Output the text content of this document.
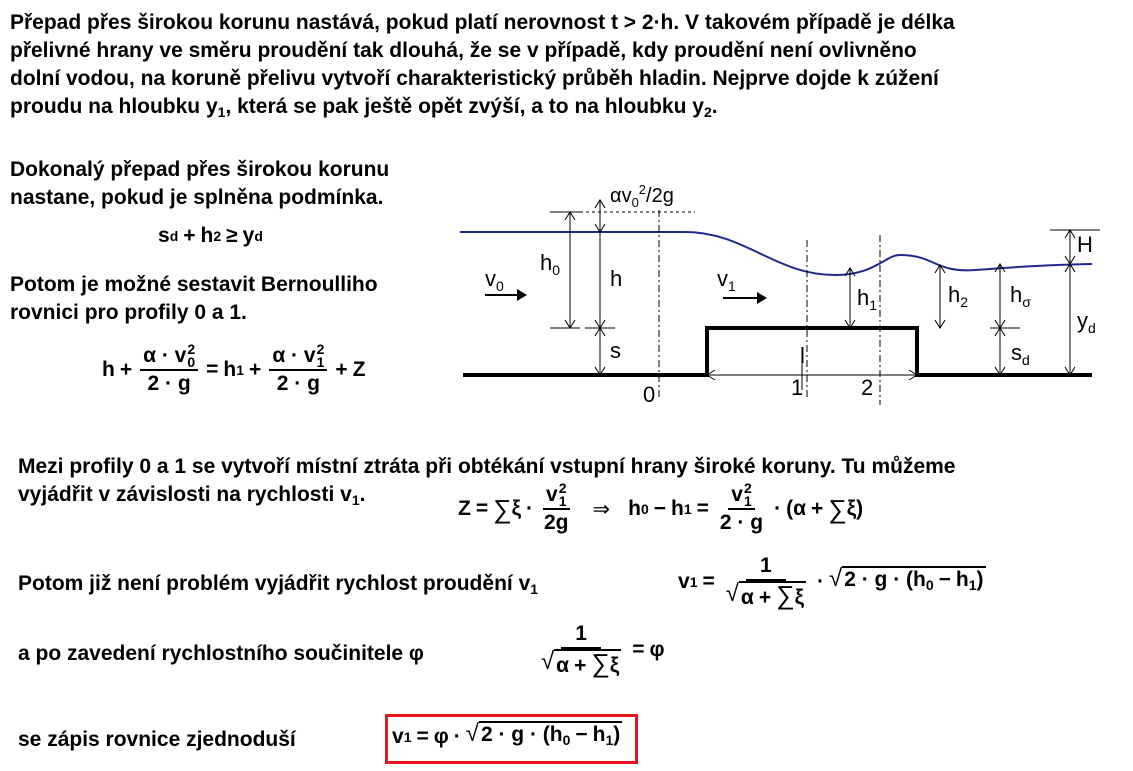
Přepad přes širokou korunu nastává, pokud platí nerovnost t > 2·h. V takovém případě je délka
přelivné hrany ve směru proudění tak dlouhá, že se v případě, kdy proudění není ovlivněno
dolní vodou, na koruně přelivu vytvoří charakteristický průběh hladin. Nejprve dojde k zúžení
proudu na hloubku $y_1$, která se pak ještě opět zvýší, a to na hloubku $y_2$.
Dokonalý přepad přes širokou korunu
nastane, pokud je splněna podmínka.
s d + h 2 ≥ y d
Potom je možné sestavit Bernoulliho
rovnici pro profily 0 a 1.
h + α · v 2
0
2 · g = h 1 + α · v 2
1
2 · g + Z
$\alpha v_0^2/2g$
$h_0$ h
s
$v_0$	$v_1$	$h_1$	$h_2$ $h_\sigma$
H
$y_d$
$s_d$
l
0	1	2
Mezi profily 0 a 1 se vytvoří místní ztráta při obtékání vstupní hrany široké koruny. Tu můžeme
vyjádřit v závislosti na rychlosti $v_1$.
Z = ∑ ξ · v 2
1
2g ⇒ h 0 − h 1 = v 2
1
2 · g · (α + ∑ ξ)
Potom již není problém vyjádřit rychlost proudění $v_1$	v $1 = \frac{1}{√ \alpha + \sum\xi}$ · √ $2 \cdot g \cdot (h_0 - h_1)$
a po zavedení rychlostního součinitele φ	$\frac{1}{√ \alpha + \sum\xi} = \varphi$
se zápis rovnice zjednoduší	v 1 = φ · √ $2 \cdot g \cdot (h_0 - h_1)$
